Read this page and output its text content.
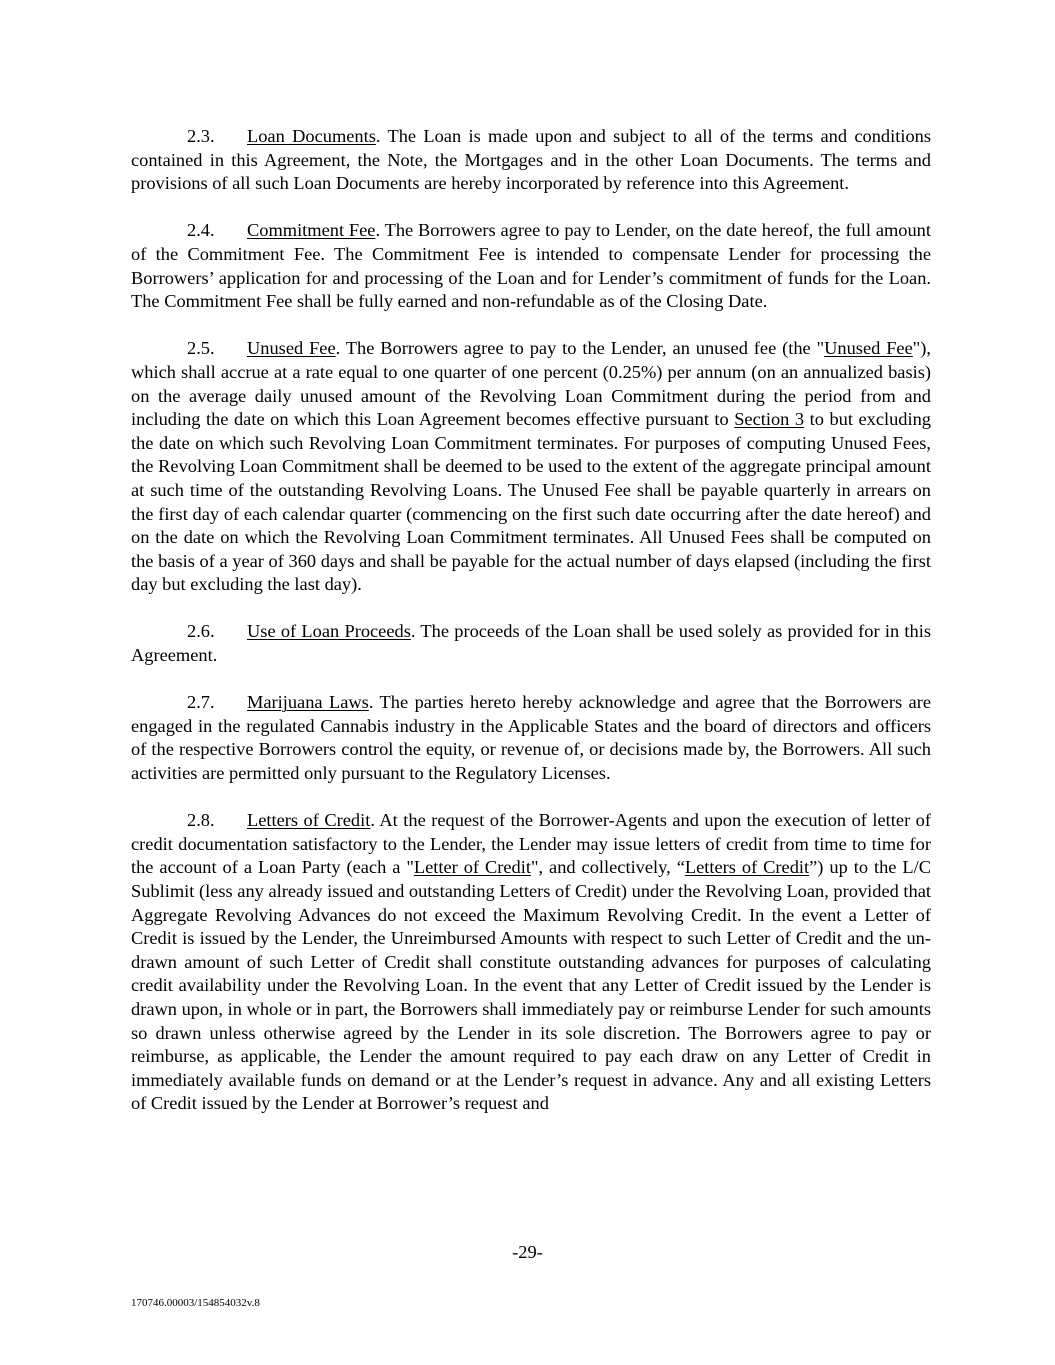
2.3. Loan Documents. The Loan is made upon and subject to all of the terms and conditions contained in this Agreement, the Note, the Mortgages and in the other Loan Documents. The terms and provisions of all such Loan Documents are hereby incorporated by reference into this Agreement.

2.4. Commitment Fee. The Borrowers agree to pay to Lender, on the date hereof, the full amount of the Commitment Fee. The Commitment Fee is intended to compensate Lender for processing the Borrowers’ application for and processing of the Loan and for Lender’s commitment of funds for the Loan. The Commitment Fee shall be fully earned and non-refundable as of the Closing Date.

2.5. Unused Fee. The Borrowers agree to pay to the Lender, an unused fee (the "Unused Fee"), which shall accrue at a rate equal to one quarter of one percent (0.25%) per annum (on an annualized basis) on the average daily unused amount of the Revolving Loan Commitment during the period from and including the date on which this Loan Agreement becomes effective pursuant to Section 3 to but excluding the date on which such Revolving Loan Commitment terminates. For purposes of computing Unused Fees, the Revolving Loan Commitment shall be deemed to be used to the extent of the aggregate principal amount at such time of the outstanding Revolving Loans. The Unused Fee shall be payable quarterly in arrears on the first day of each calendar quarter (commencing on the first such date occurring after the date hereof) and on the date on which the Revolving Loan Commitment terminates. All Unused Fees shall be computed on the basis of a year of 360 days and shall be payable for the actual number of days elapsed (including the first day but excluding the last day).

2.6. Use of Loan Proceeds. The proceeds of the Loan shall be used solely as provided for in this Agreement.

2.7. Marijuana Laws. The parties hereto hereby acknowledge and agree that the Borrowers are engaged in the regulated Cannabis industry in the Applicable States and the board of directors and officers of the respective Borrowers control the equity, or revenue of, or decisions made by, the Borrowers. All such activities are permitted only pursuant to the Regulatory Licenses.

2.8. Letters of Credit. At the request of the Borrower-Agents and upon the execution of letter of credit documentation satisfactory to the Lender, the Lender may issue letters of credit from time to time for the account of a Loan Party (each a "Letter of Credit", and collectively, “Letters of Credit”) up to the L/C Sublimit (less any already issued and outstanding Letters of Credit) under the Revolving Loan, provided that Aggregate Revolving Advances do not exceed the Maximum Revolving Credit. In the event a Letter of Credit is issued by the Lender, the Unreimbursed Amounts with respect to such Letter of Credit and the un-drawn amount of such Letter of Credit shall constitute outstanding advances for purposes of calculating credit availability under the Revolving Loan. In the event that any Letter of Credit issued by the Lender is drawn upon, in whole or in part, the Borrowers shall immediately pay or reimburse Lender for such amounts so drawn unless otherwise agreed by the Lender in its sole discretion. The Borrowers agree to pay or reimburse, as applicable, the Lender the amount required to pay each draw on any Letter of Credit in immediately available funds on demand or at the Lender’s request in advance. Any and all existing Letters of Credit issued by the Lender at Borrower’s request and

-29-
170746.00003/154854032v.8
